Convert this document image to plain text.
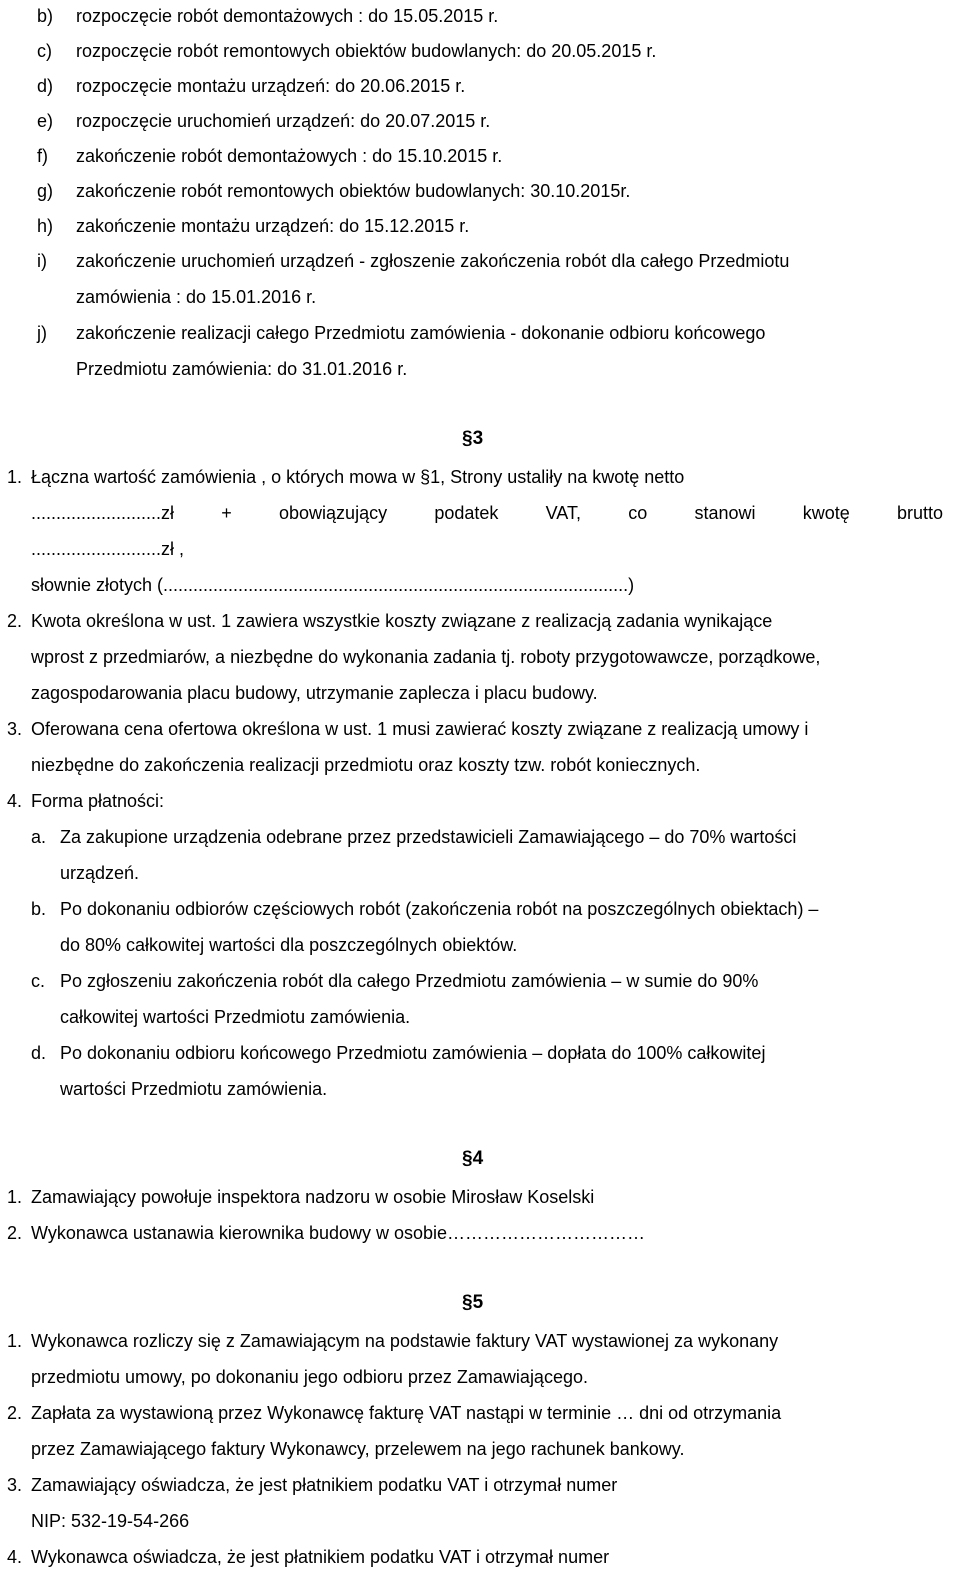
b) rozpoczęcie robót demontażowych : do 15.05.2015 r.
c) rozpoczęcie robót remontowych obiektów budowlanych: do 20.05.2015 r.
d) rozpoczęcie montażu urządzeń: do 20.06.2015 r.
e) rozpoczęcie uruchomień urządzeń: do 20.07.2015 r.
f) zakończenie robót demontażowych : do 15.10.2015 r.
g) zakończenie robót remontowych obiektów budowlanych: 30.10.2015r.
h) zakończenie montażu urządzeń: do 15.12.2015 r.
i) zakończenie uruchomień urządzeń - zgłoszenie zakończenia robót dla całego Przedmiotu
zamówienia : do 15.01.2016 r.
j) zakończenie realizacji całego Przedmiotu zamówienia - dokonanie odbioru końcowego
Przedmiotu zamówienia: do 31.01.2016 r.
§3
1. Łączna wartość zamówienia , o których mowa w §1, Strony ustaliły na kwotę netto
..........................zł	+	obowiązujący	podatek	VAT,	co	stanowi	kwotę	brutto
..........................zł ,
słownie złotych (.............................................................................................)
2. Kwota określona w ust. 1 zawiera wszystkie koszty związane z realizacją zadania wynikające
wprost z przedmiarów, a niezbędne do wykonania zadania tj. roboty przygotowawcze, porządkowe,
zagospodarowania placu budowy, utrzymanie zaplecza i placu budowy.
3. Oferowana cena ofertowa określona w ust. 1 musi zawierać koszty związane z realizacją umowy i
niezbędne do zakończenia realizacji przedmiotu oraz koszty tzw. robót koniecznych.
4. Forma płatności:
a. Za zakupione urządzenia odebrane przez przedstawicieli Zamawiającego – do 70% wartości
urządzeń.
b. Po dokonaniu odbiorów częściowych robót (zakończenia robót na poszczególnych obiektach) –
do 80% całkowitej wartości dla poszczególnych obiektów.
c. Po zgłoszeniu zakończenia robót dla całego Przedmiotu zamówienia – w sumie do 90%
całkowitej wartości Przedmiotu zamówienia.
d. Po dokonaniu odbioru końcowego Przedmiotu zamówienia – dopłata do 100% całkowitej
wartości Przedmiotu zamówienia.
§4
1. Zamawiający powołuje inspektora nadzoru w osobie Mirosław Koselski
2. Wykonawca ustanawia kierownika budowy w osobie……………………………
§5
1. Wykonawca rozliczy się z Zamawiającym na podstawie faktury VAT wystawionej za wykonany
przedmiotu umowy, po dokonaniu jego odbioru przez Zamawiającego.
2. Zapłata za wystawioną przez Wykonawcę fakturę VAT nastąpi w terminie … dni od otrzymania
przez Zamawiającego faktury Wykonawcy, przelewem na jego rachunek bankowy.
3. Zamawiający oświadcza, że jest płatnikiem podatku VAT i otrzymał numer
NIP: 532-19-54-266
4. Wykonawca oświadcza, że jest płatnikiem podatku VAT i otrzymał numer
